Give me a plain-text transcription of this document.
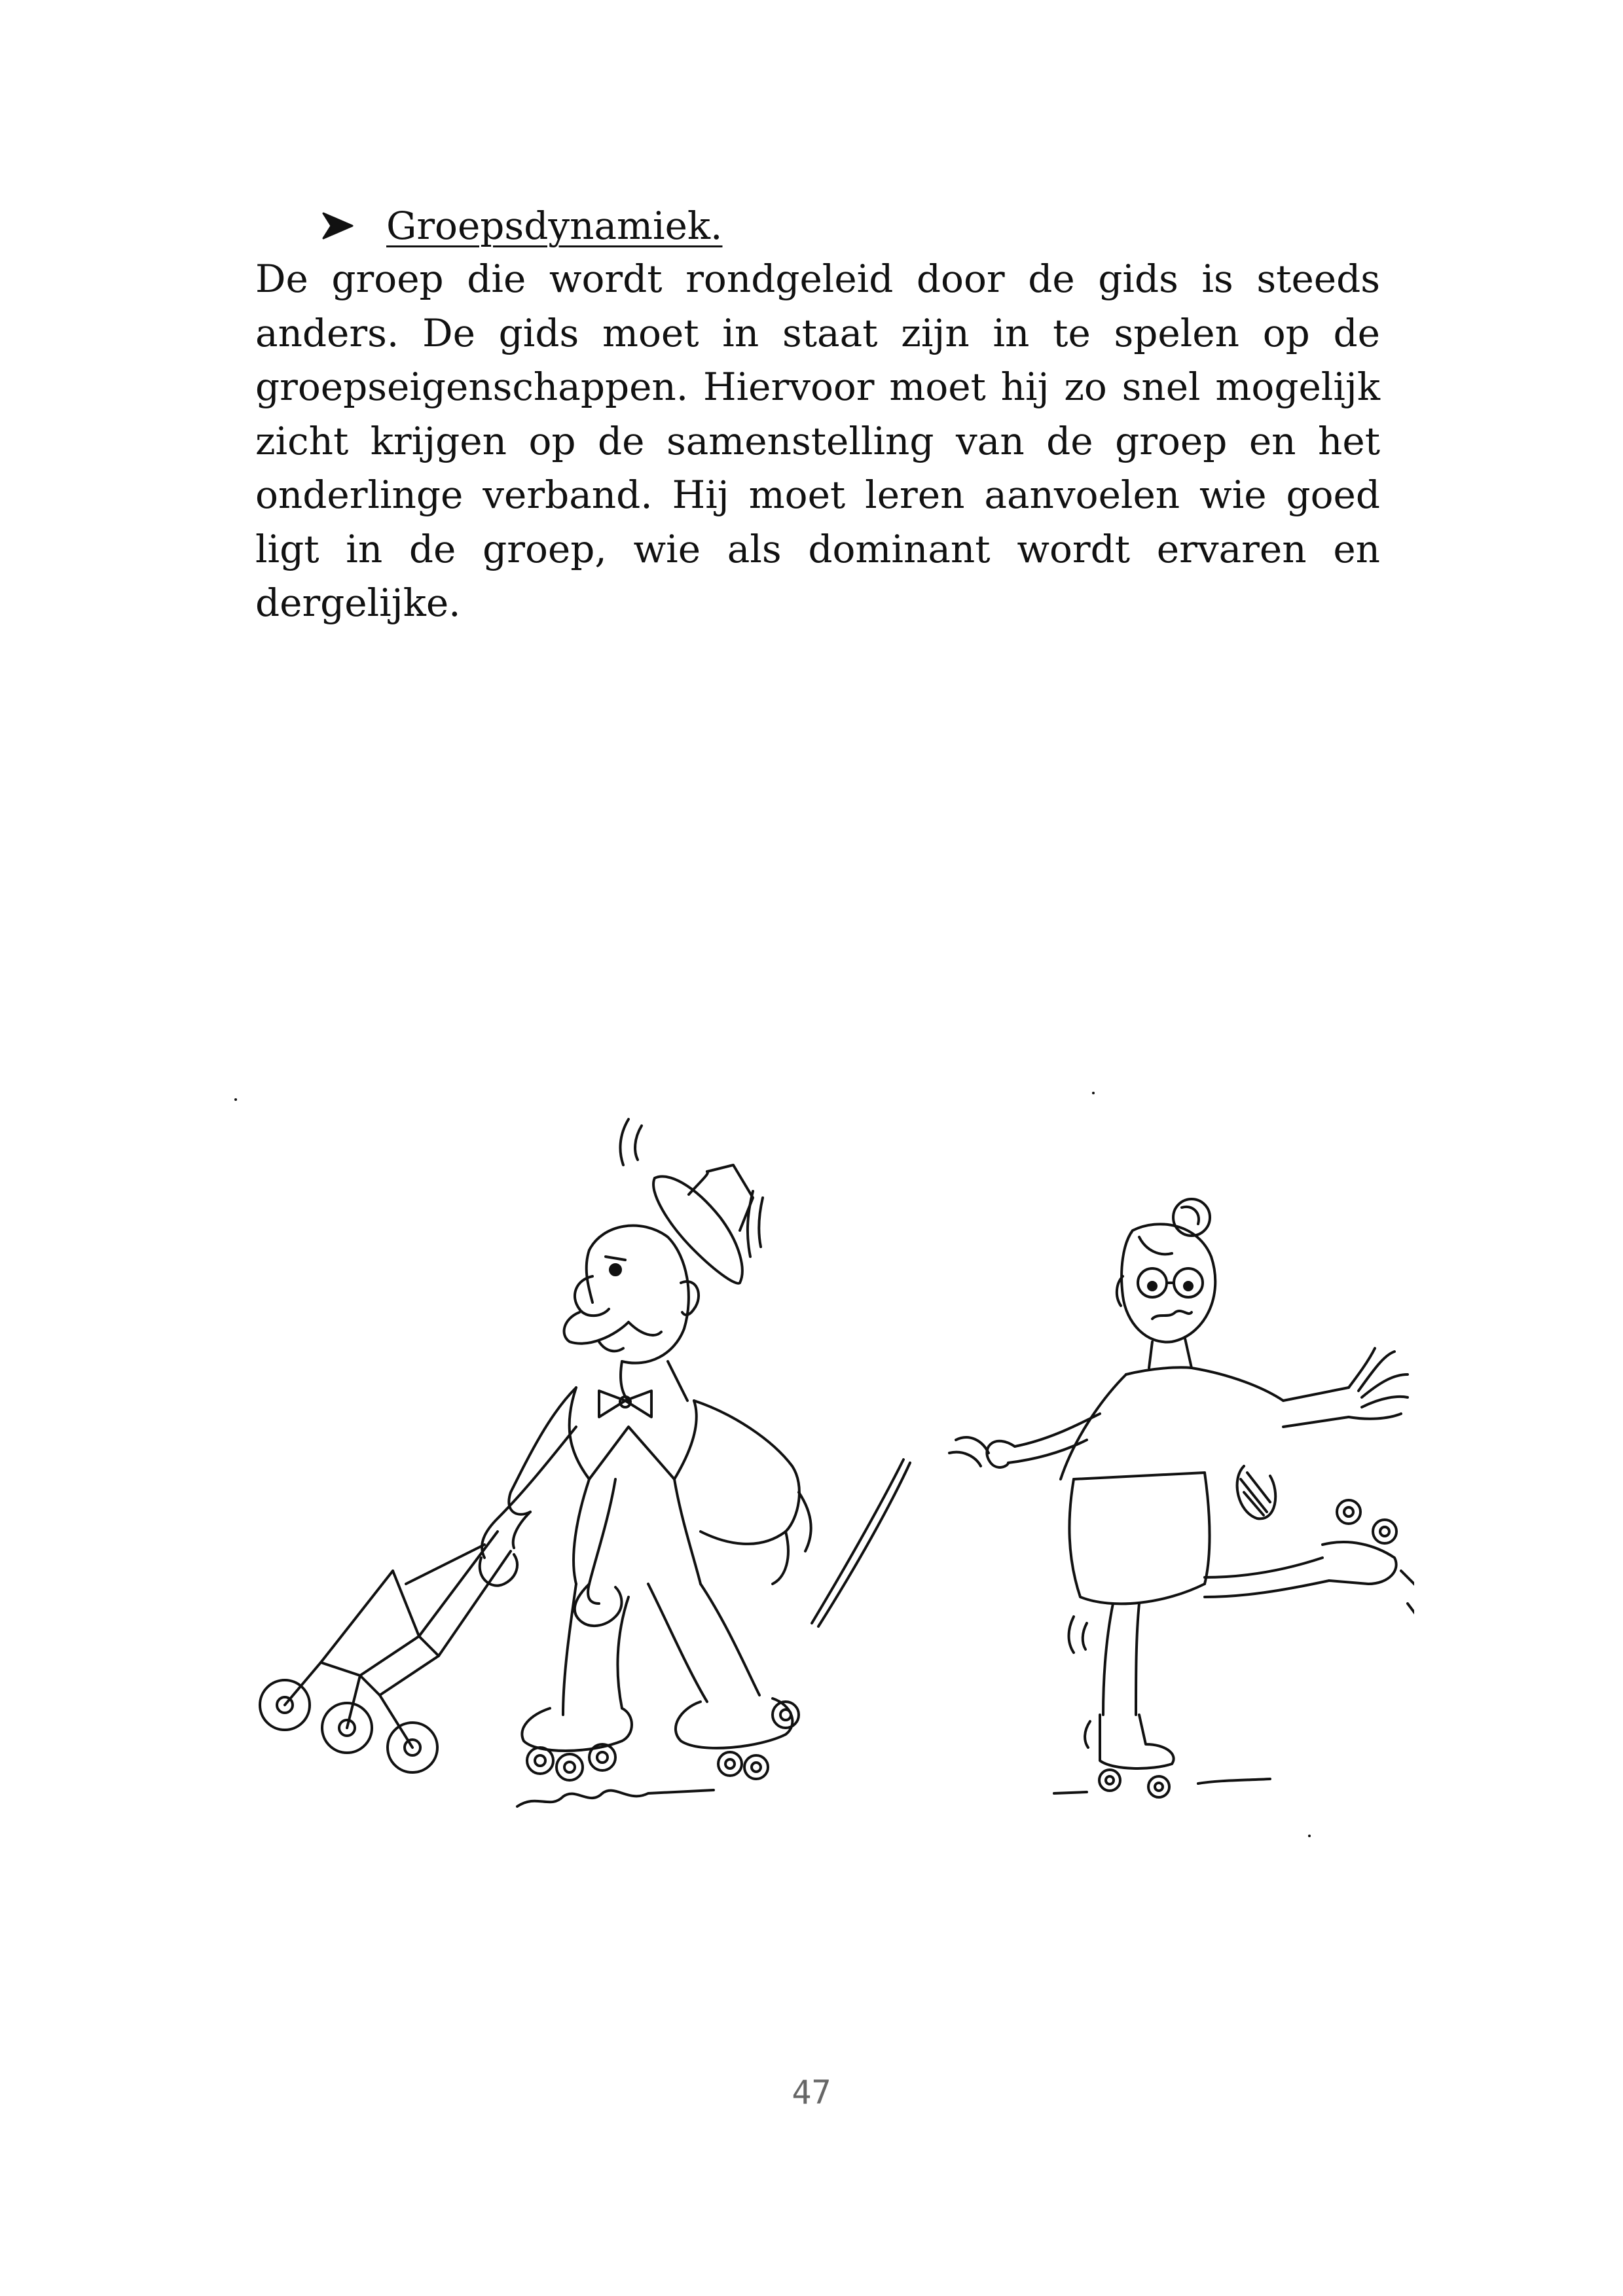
Groepsdynamiek.
De groep die wordt rondgeleid door de gids is steeds
anders. De gids moet in staat zijn in te spelen op de
groepseigenschappen. Hiervoor moet hij zo snel mogelijk
zicht krijgen op de samenstelling van de groep en het
onderlinge verband. Hij moet leren aanvoelen wie goed
ligt in de groep, wie als dominant wordt ervaren en
dergelijke.
47
